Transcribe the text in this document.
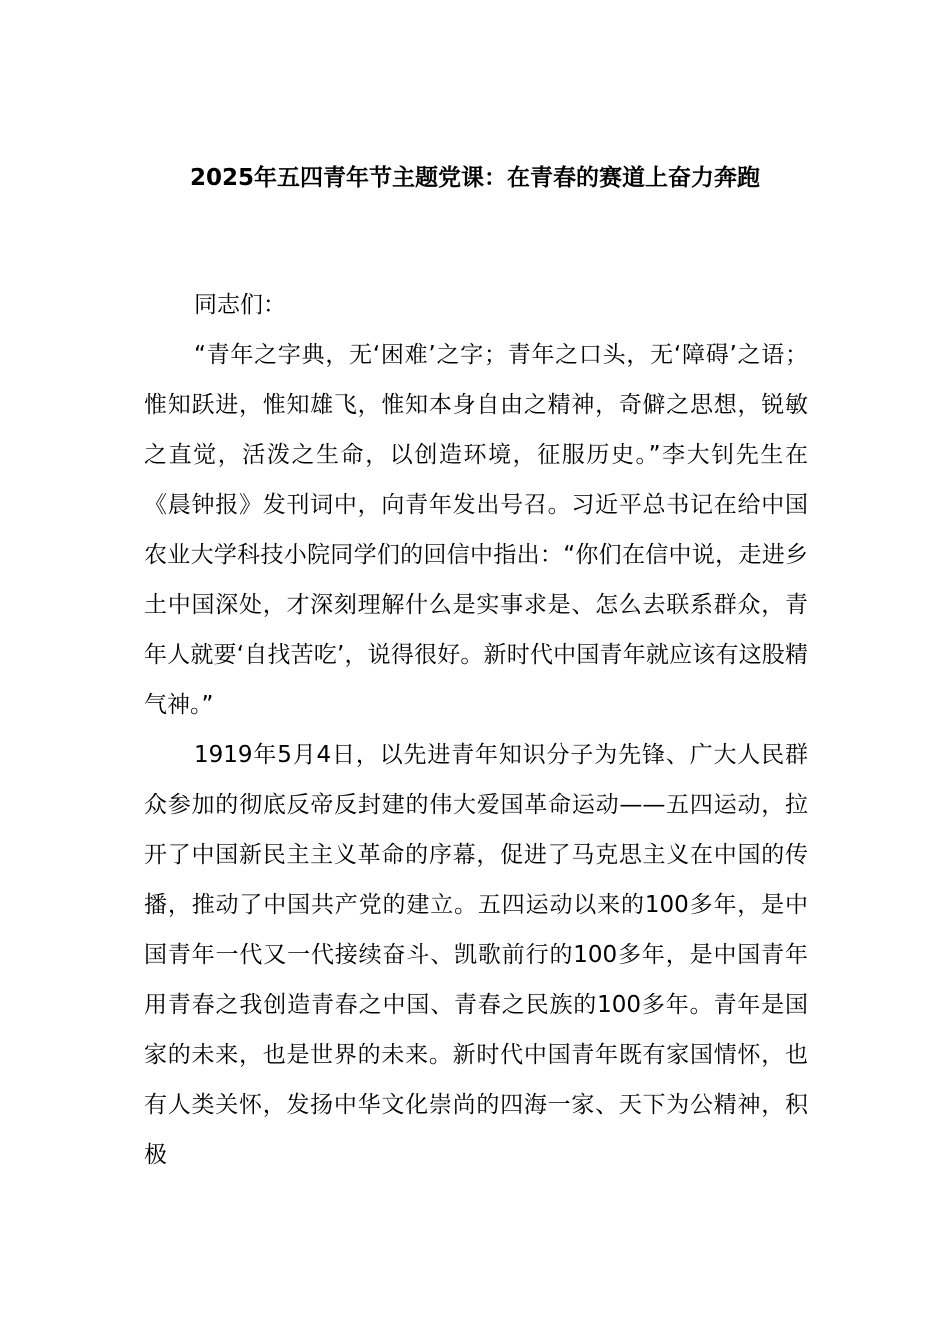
2025年五四青年节主题党课：在青春的赛道上奋力奔跑

同志们：

“青年之字典，无‘困难’之字；青年之口头，无‘障碍’之语；惟知跃进，惟知雄飞，惟知本身自由之精神，奇僻之思想，锐敏之直觉，活泼之生命，以创造环境，征服历史。”李大钊先生在《晨钟报》发刊词中，向青年发出号召。习近平总书记在给中国农业大学科技小院同学们的回信中指出：“你们在信中说，走进乡土中国深处，才深刻理解什么是实事求是、怎么去联系群众，青年人就要‘自找苦吃’，说得很好。新时代中国青年就应该有这股精气神。”

1919年5月4日，以先进青年知识分子为先锋、广大人民群众参加的彻底反帝反封建的伟大爱国革命运动——五四运动，拉开了中国新民主主义革命的序幕，促进了马克思主义在中国的传播，推动了中国共产党的建立。五四运动以来的100多年，是中国青年一代又一代接续奋斗、凯歌前行的100多年，是中国青年用青春之我创造青春之中国、青春之民族的100多年。青年是国家的未来，也是世界的未来。新时代中国青年既有家国情怀，也有人类关怀，发扬中华文化崇尚的四海一家、天下为公精神，积极
